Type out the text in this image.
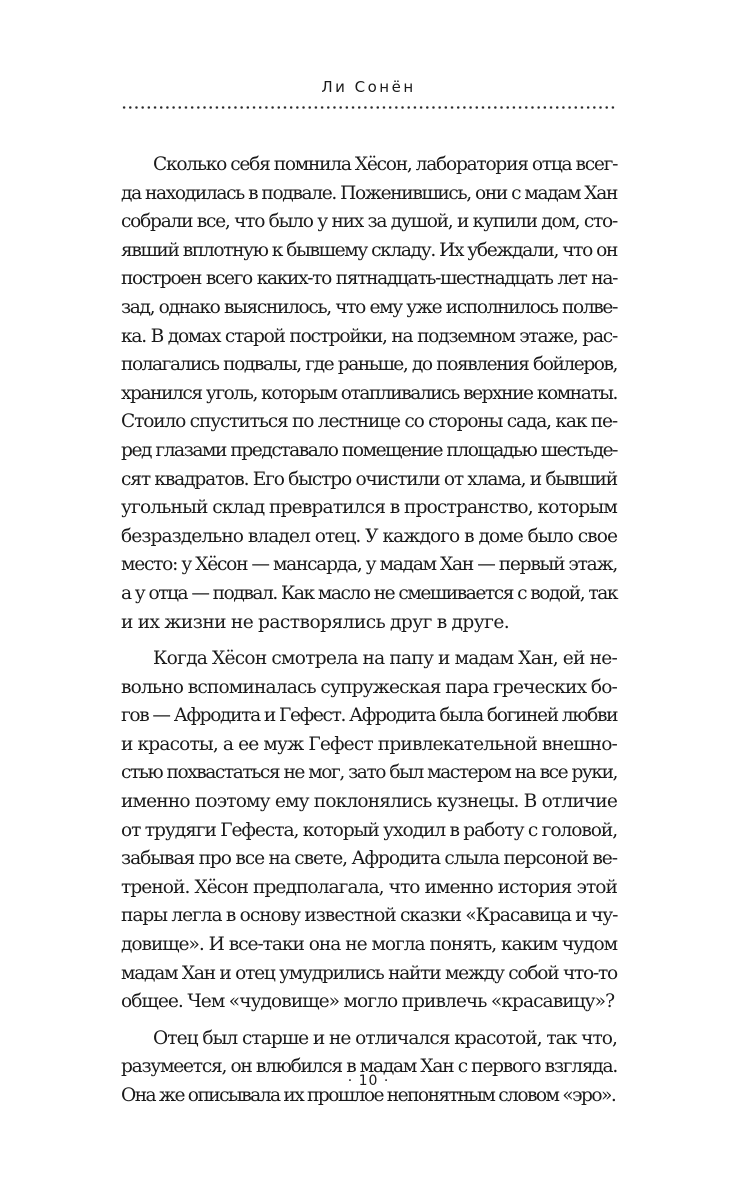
Ли Сонён
Сколько себя помнила Хёсон, лаборатория отца всег-
да находилась в подвале. Поженившись, они с мадам Хан
собрали все, что было у них за душой, и купили дом, сто-
явший вплотную к бывшему складу. Их убеждали, что он
построен всего каких-то пятнадцать-шестнадцать лет на-
зад, однако выяснилось, что ему уже исполнилось полве-
ка. В домах старой постройки, на подземном этаже, рас-
полагались подвалы, где раньше, до появления бойлеров,
хранился уголь, которым отапливались верхние комнаты.
Стоило спуститься по лестнице со стороны сада, как пе-
ред глазами представало помещение площадью шестьде-
сят квадратов. Его быстро очистили от хлама, и бывший
угольный склад превратился в пространство, которым
безраздельно владел отец. У каждого в доме было свое
место: у Хёсон — мансарда, у мадам Хан — первый этаж,
а у отца — подвал. Как масло не смешивается с водой, так
и их жизни не растворялись друг в друге.
Когда Хёсон смотрела на папу и мадам Хан, ей не-
вольно вспоминалась супружеская пара греческих бо-
гов — Афродита и Гефест. Афродита была богиней любви
и красоты, а ее муж Гефест привлекательной внешно-
стью похвастаться не мог, зато был мастером на все руки,
именно поэтому ему поклонялись кузнецы. В отличие
от трудяги Гефеста, который уходил в работу с головой,
забывая про все на свете, Афродита слыла персоной ве-
треной. Хёсон предполагала, что именно история этой
пары легла в основу известной сказки «Красавица и чу-
довище». И все-таки она не могла понять, каким чудом
мадам Хан и отец умудрились найти между собой что-то
общее. Чем «чудовище» могло привлечь «красавицу»?
Отец был старше и не отличался красотой, так что,
разумеется, он влюбился в мадам Хан с первого взгляда.
Она же описывала их прошлое непонятным словом «эро».
· 10 ·
